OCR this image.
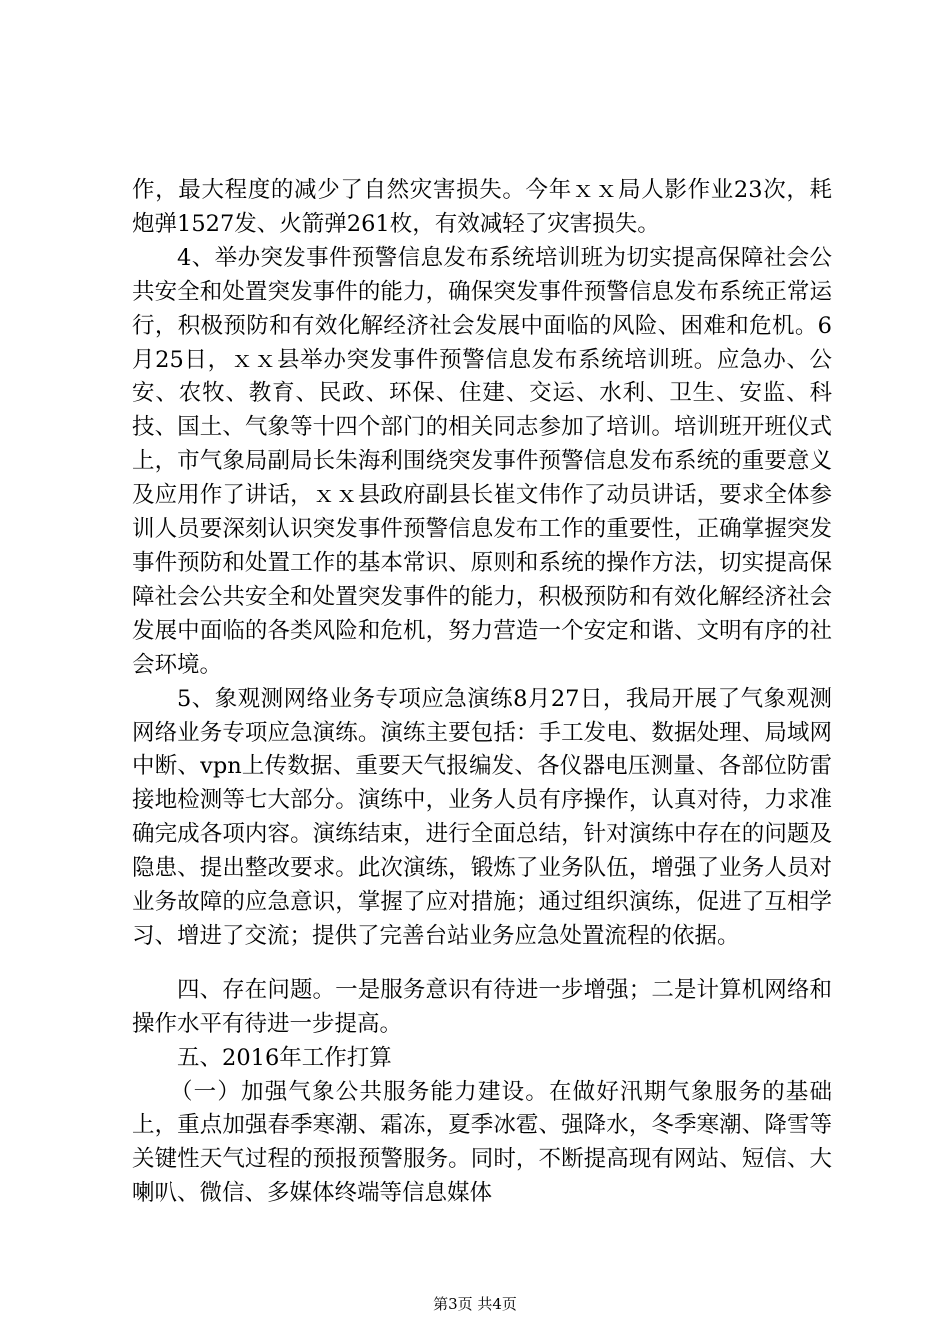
作，最大程度的减少了自然灾害损失。今年ｘｘ局人影作业23次，耗炮弹1527发、火箭弹261枚，有效减轻了灾害损失。

4、举办突发事件预警信息发布系统培训班为切实提高保障社会公共安全和处置突发事件的能力，确保突发事件预警信息发布系统正常运行，积极预防和有效化解经济社会发展中面临的风险、困难和危机。6月25日，ｘｘ县举办突发事件预警信息发布系统培训班。应急办、公安、农牧、教育、民政、环保、住建、交运、水利、卫生、安监、科技、国土、气象等十四个部门的相关同志参加了培训。培训班开班仪式上，市气象局副局长朱海利围绕突发事件预警信息发布系统的重要意义及应用作了讲话，ｘｘ县政府副县长崔文伟作了动员讲话，要求全体参训人员要深刻认识突发事件预警信息发布工作的重要性，正确掌握突发事件预防和处置工作的基本常识、原则和系统的操作方法，切实提高保障社会公共安全和处置突发事件的能力，积极预防和有效化解经济社会发展中面临的各类风险和危机，努力营造一个安定和谐、文明有序的社会环境。

5、象观测网络业务专项应急演练8月27日，我局开展了气象观测网络业务专项应急演练。演练主要包括：手工发电、数据处理、局域网中断、vpn上传数据、重要天气报编发、各仪器电压测量、各部位防雷接地检测等七大部分。演练中，业务人员有序操作，认真对待，力求准确完成各项内容。演练结束，进行全面总结，针对演练中存在的问题及隐患、提出整改要求。此次演练，锻炼了业务队伍，增强了业务人员对业务故障的应急意识，掌握了应对措施；通过组织演练，促进了互相学习、增进了交流；提供了完善台站业务应急处置流程的依据。

四、存在问题。一是服务意识有待进一步增强；二是计算机网络和操作水平有待进一步提高。

五、2016年工作打算

（一）加强气象公共服务能力建设。在做好汛期气象服务的基础上，重点加强春季寒潮、霜冻，夏季冰雹、强降水，冬季寒潮、降雪等关键性天气过程的预报预警服务。同时，不断提高现有网站、短信、大喇叭、微信、多媒体终端等信息媒体

第3页 共4页
